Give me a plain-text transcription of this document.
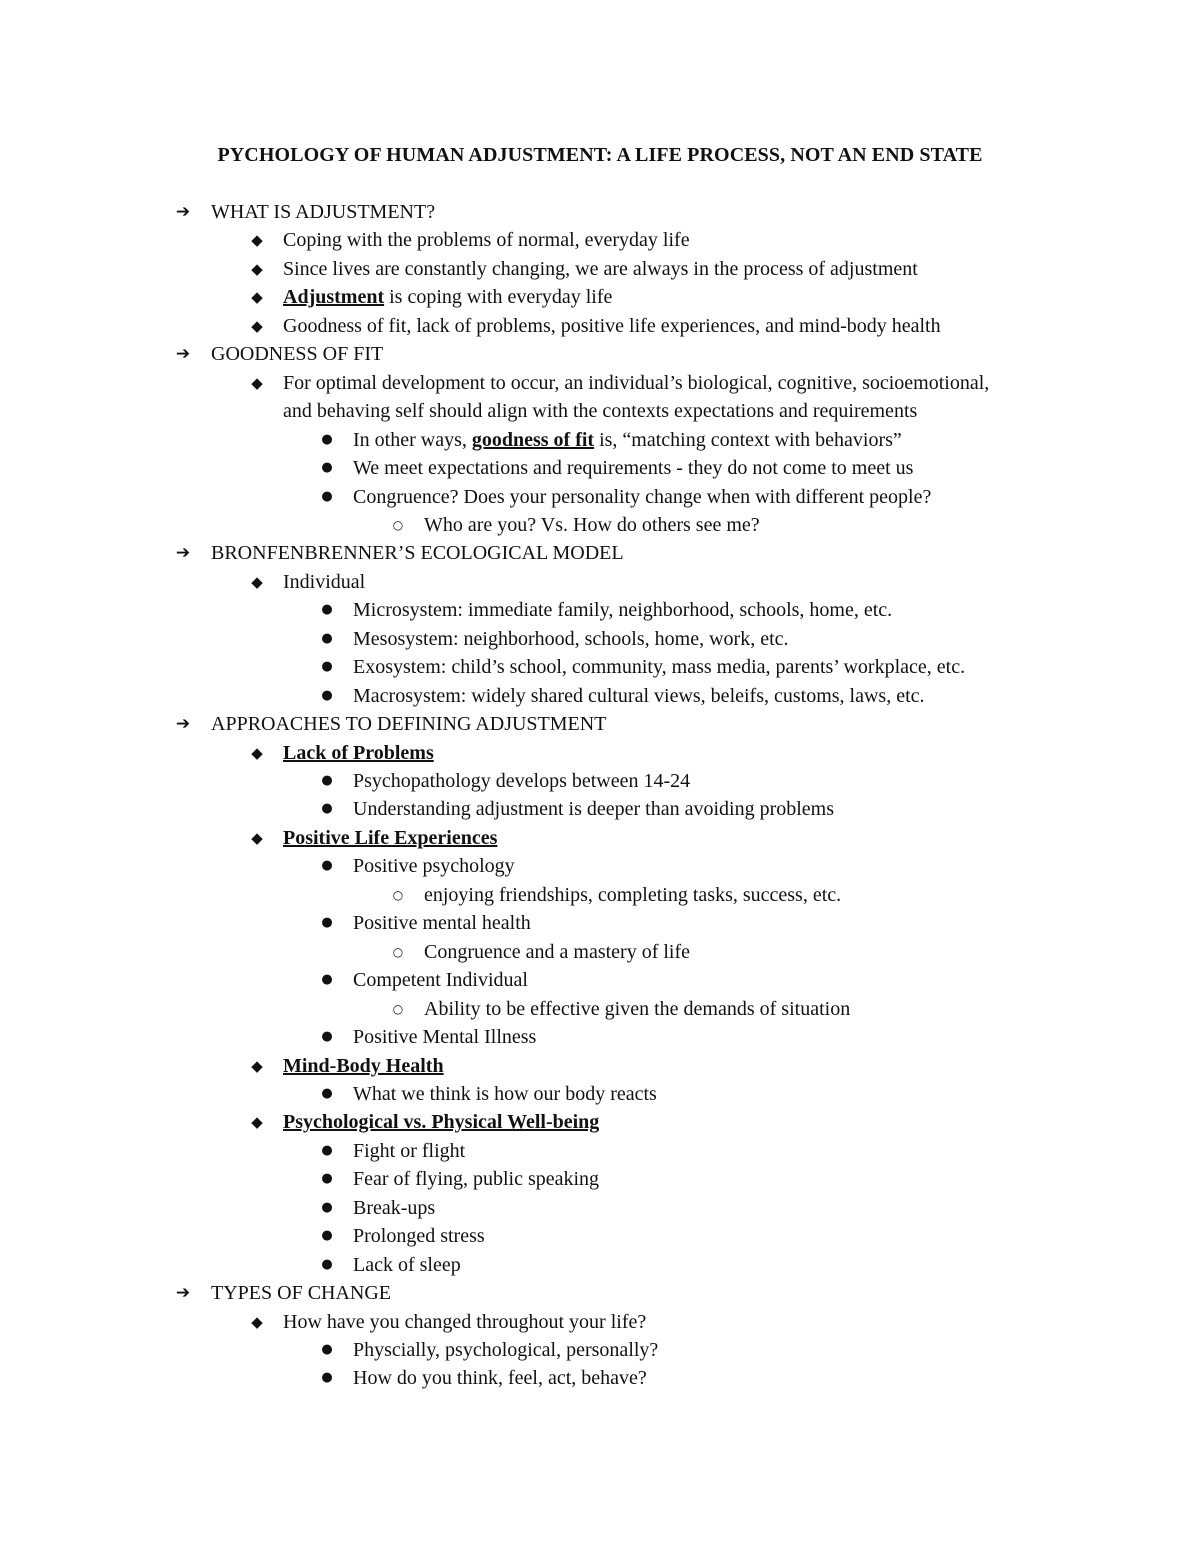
PYCHOLOGY OF HUMAN ADJUSTMENT: A LIFE PROCESS, NOT AN END STATE
➔ WHAT IS ADJUSTMENT?
◆	Coping with the problems of normal, everyday life
◆	Since lives are constantly changing, we are always in the process of adjustment
◆	Adjustment is coping with everyday life
◆	Goodness of fit, lack of problems, positive life experiences, and mind-body health
➔ GOODNESS OF FIT
◆	For optimal development to occur, an individual’s biological, cognitive, socioemotional,
and behaving self should align with the contexts expectations and requirements
●	In other ways, goodness of fit is, “matching context with behaviors”
●	We meet expectations and requirements - they do not come to meet us
●	Congruence? Does your personality change when with different people?
○	Who are you? Vs. How do others see me?
➔ BRONFENBRENNER’S ECOLOGICAL MODEL
◆	Individual
●	Microsystem: immediate family, neighborhood, schools, home, etc.
●	Mesosystem: neighborhood, schools, home, work, etc.
●	Exosystem: child’s school, community, mass media, parents’ workplace, etc.
●	Macrosystem: widely shared cultural views, beleifs, customs, laws, etc.
➔ APPROACHES TO DEFINING ADJUSTMENT
◆	Lack of Problems
●	Psychopathology develops between 14-24
●	Understanding adjustment is deeper than avoiding problems
◆	Positive Life Experiences
●	Positive psychology
○	enjoying friendships, completing tasks, success, etc.
●	Positive mental health
○	Congruence and a mastery of life
●	Competent Individual
○	Ability to be effective given the demands of situation
●	Positive Mental Illness
◆	Mind-Body Health
●	What we think is how our body reacts
◆	Psychological vs. Physical Well-being
●	Fight or flight
●	Fear of flying, public speaking
●	Break-ups
●	Prolonged stress
●	Lack of sleep
➔ TYPES OF CHANGE
◆	How have you changed throughout your life?
●	Physcially, psychological, personally?
●	How do you think, feel, act, behave?
